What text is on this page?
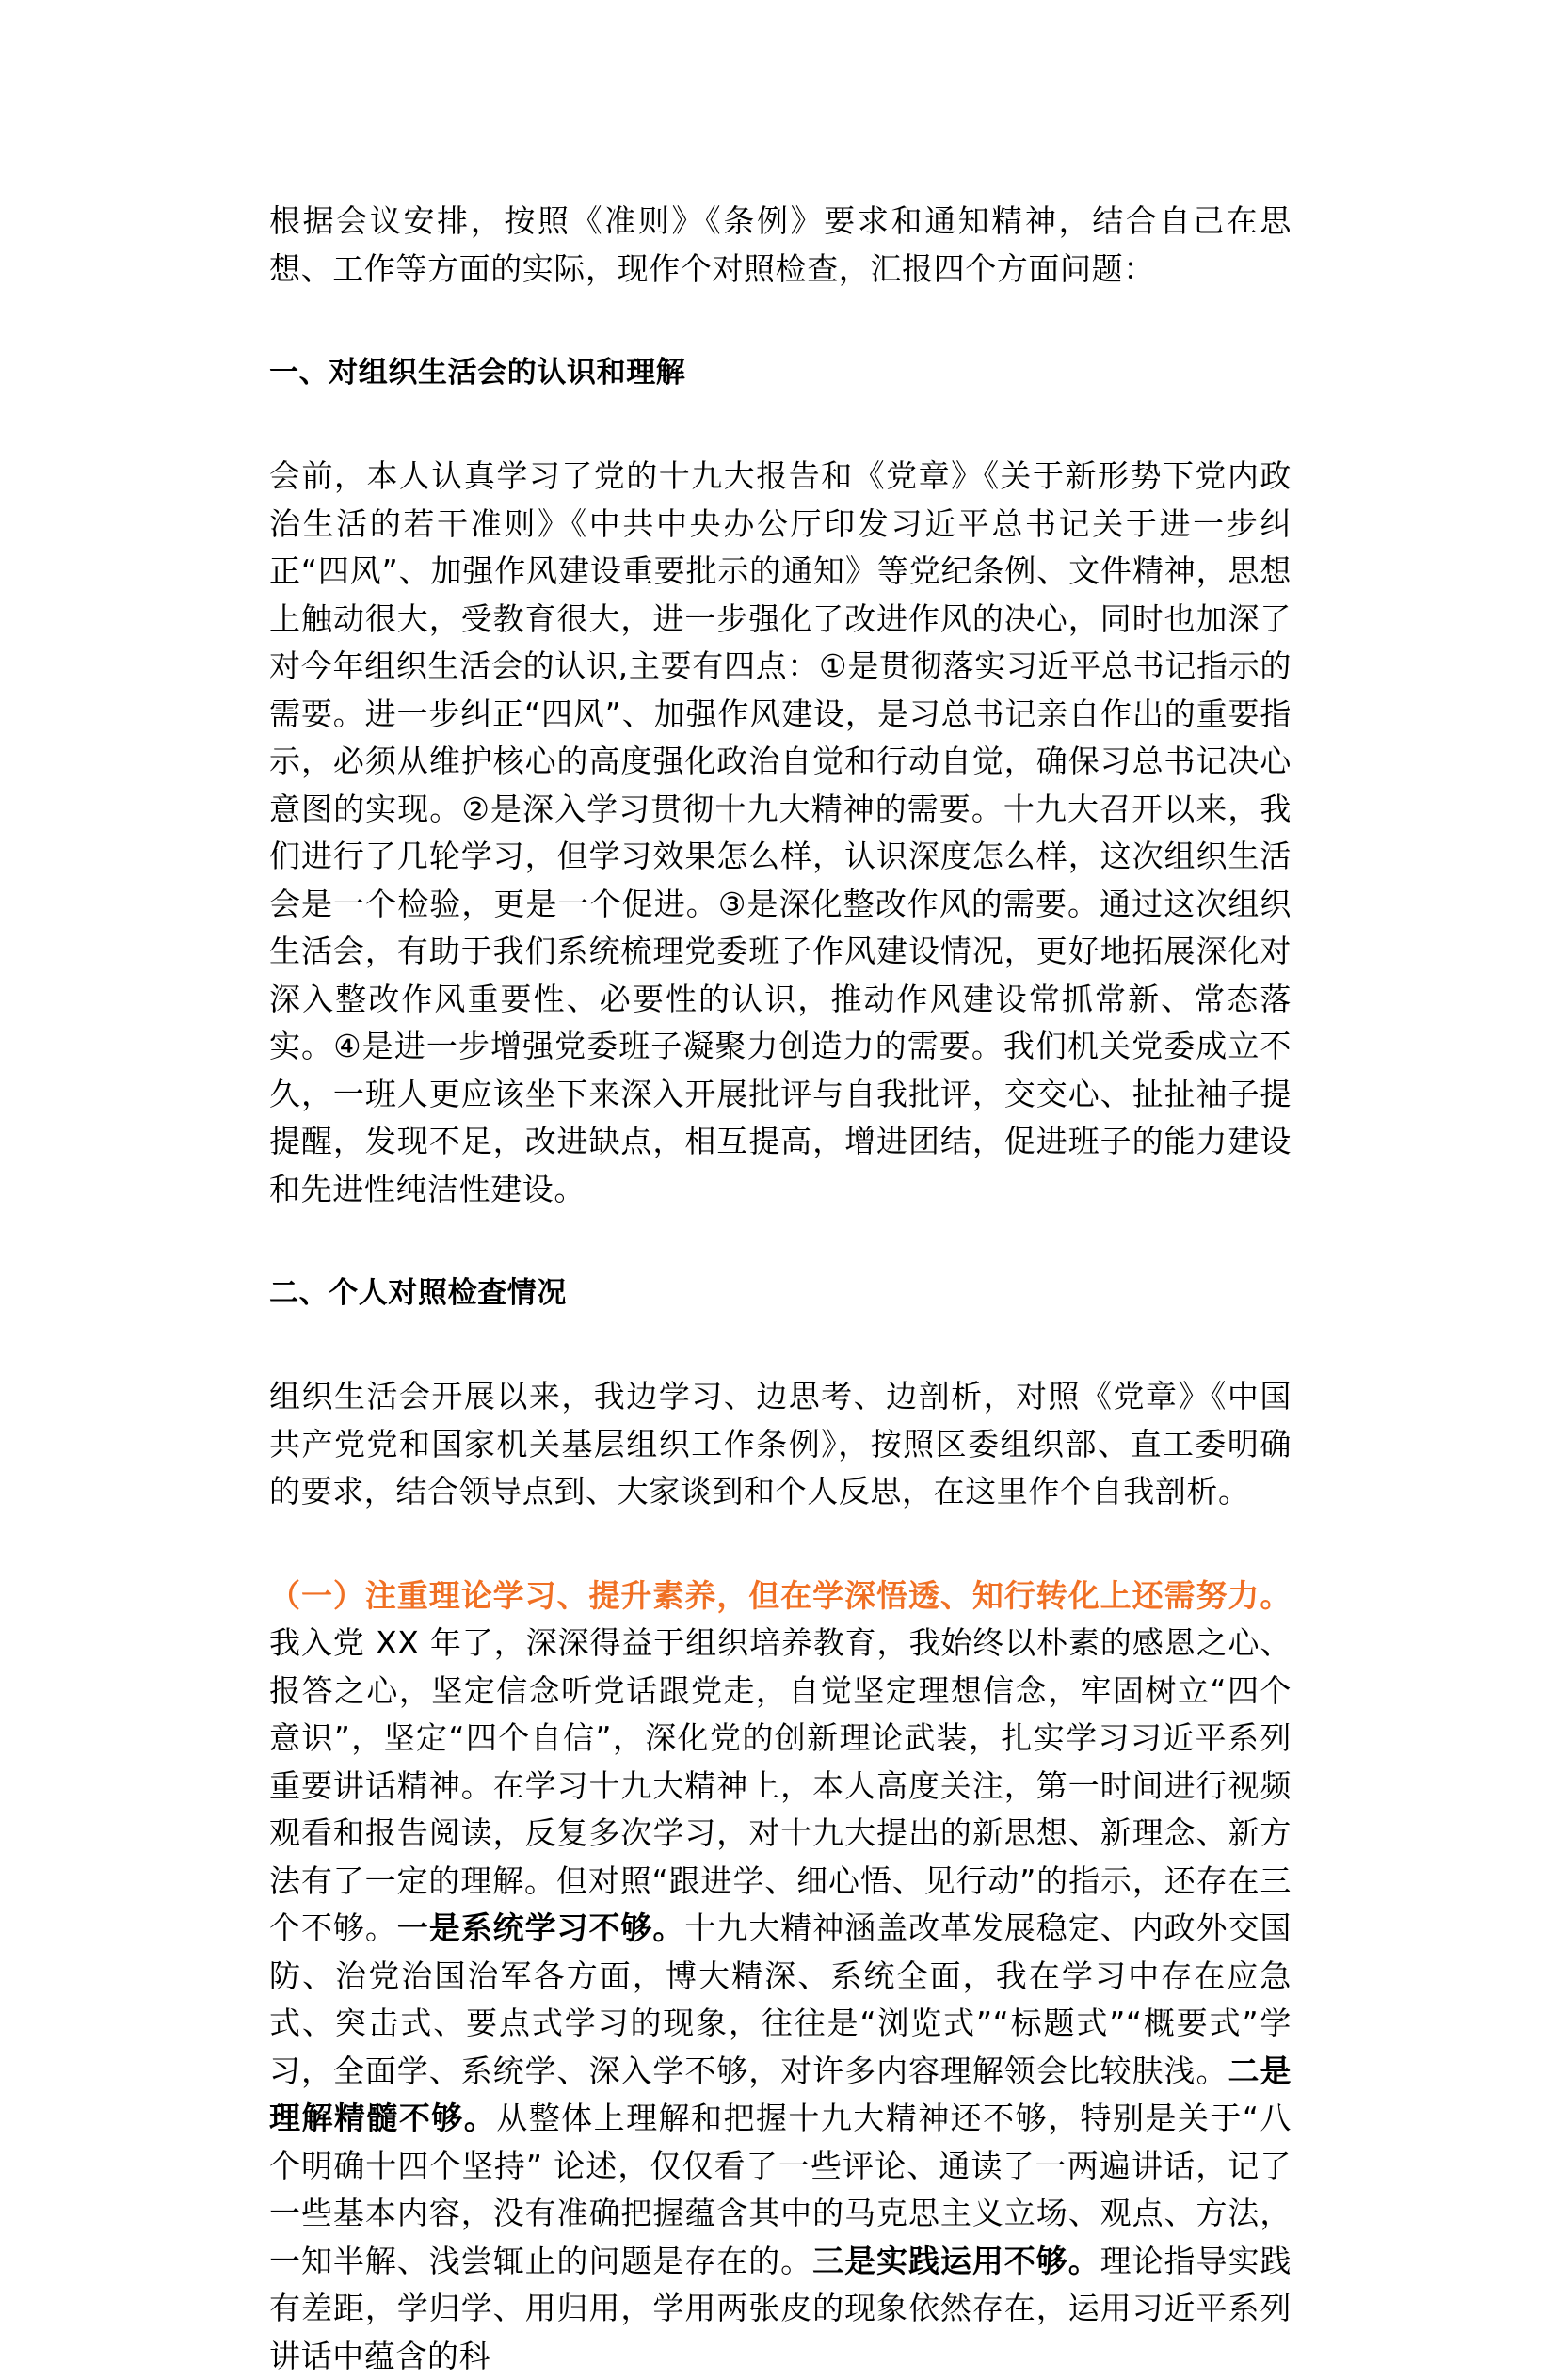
根据会议安排，按照《准则》《条例》要求和通知精神，结合自己在思想、工作等方面的实际，现作个对照检查，汇报四个方面问题：

一、对组织生活会的认识和理解

会前，本人认真学习了党的十九大报告和《党章》《关于新形势下党内政治生活的若干准则》《中共中央办公厅印发习近平总书记关于进一步纠正“四风”、加强作风建设重要批示的通知》等党纪条例、文件精神，思想上触动很大，受教育很大，进一步强化了改进作风的决心，同时也加深了对今年组织生活会的认识,主要有四点：①是贯彻落实习近平总书记指示的需要。进一步纠正“四风”、加强作风建设，是习总书记亲自作出的重要指示，必须从维护核心的高度强化政治自觉和行动自觉，确保习总书记决心意图的实现。②是深入学习贯彻十九大精神的需要。十九大召开以来，我们进行了几轮学习，但学习效果怎么样，认识深度怎么样，这次组织生活会是一个检验，更是一个促进。③是深化整改作风的需要。通过这次组织生活会，有助于我们系统梳理党委班子作风建设情况，更好地拓展深化对深入整改作风重要性、必要性的认识，推动作风建设常抓常新、常态落实。④是进一步增强党委班子凝聚力创造力的需要。我们机关党委成立不久，一班人更应该坐下来深入开展批评与自我批评，交交心、扯扯袖子提提醒，发现不足，改进缺点，相互提高，增进团结，促进班子的能力建设和先进性纯洁性建设。

二、个人对照检查情况

组织生活会开展以来，我边学习、边思考、边剖析，对照《党章》《中国共产党党和国家机关基层组织工作条例》，按照区委组织部、直工委明确的要求，结合领导点到、大家谈到和个人反思，在这里作个自我剖析。

（一）注重理论学习、提升素养，但在学深悟透、知行转化上还需努力。我入党 XX 年了，深深得益于组织培养教育，我始终以朴素的感恩之心、报答之心，坚定信念听党话跟党走，自觉坚定理想信念，牢固树立“四个意识”，坚定“四个自信”，深化党的创新理论武装，扎实学习习近平系列重要讲话精神。在学习十九大精神上，本人高度关注，第一时间进行视频观看和报告阅读，反复多次学习，对十九大提出的新思想、新理念、新方法有了一定的理解。但对照“跟进学、细心悟、见行动”的指示，还存在三个不够。一是系统学习不够。十九大精神涵盖改革发展稳定、内政外交国防、治党治国治军各方面，博大精深、系统全面，我在学习中存在应急式、突击式、要点式学习的现象，往往是“浏览式”“标题式”“概要式”学习，全面学、系统学、深入学不够，对许多内容理解领会比较肤浅。二是理解精髓不够。从整体上理解和把握十九大精神还不够，特别是关于“八个明确十四个坚持” 论述，仅仅看了一些评论、通读了一两遍讲话，记了一些基本内容，没有准确把握蕴含其中的马克思主义立场、观点、方法，一知半解、浅尝辄止的问题是存在的。三是实践运用不够。理论指导实践有差距，学归学、用归用，学用两张皮的现象依然存在，运用习近平系列讲话中蕴含的科
